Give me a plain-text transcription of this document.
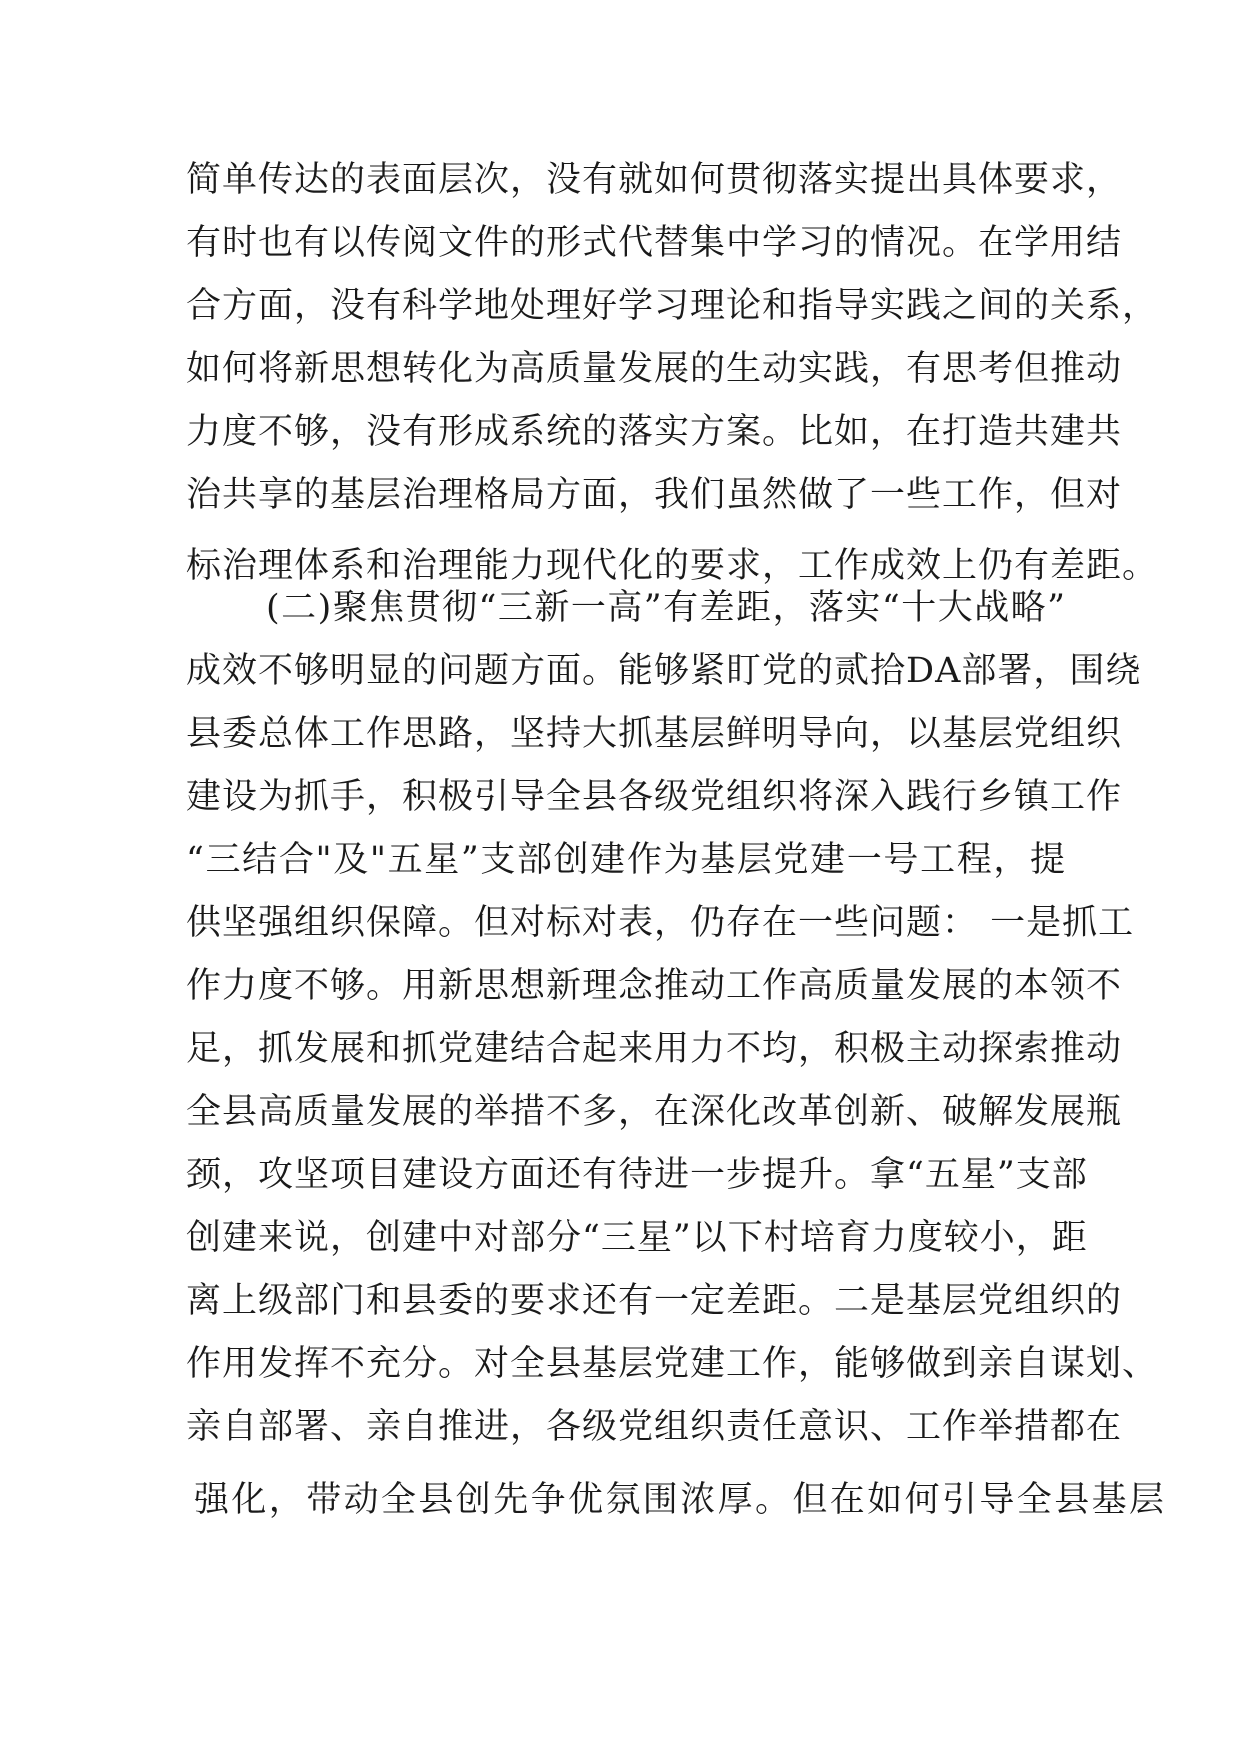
简单传达的表面层次，没有就如何贯彻落实提出具体要求，
有时也有以传阅文件的形式代替集中学习的情况。在学用结
合方面，没有科学地处理好学习理论和指导实践之间的关系，
如何将新思想转化为高质量发展的生动实践，有思考但推动
力度不够，没有形成系统的落实方案。比如，在打造共建共
治共享的基层治理格局方面，我们虽然做了一些工作，但对
标治理体系和治理能力现代化的要求，工作成效上仍有差距。
(二)聚焦贯彻“三新一高”有差距，落实“十大战略”
成效不够明显的问题方面。能够紧盯党的贰拾DA部署，围绕
县委总体工作思路，坚持大抓基层鲜明导向，以基层党组织
建设为抓手，积极引导全县各级党组织将深入践行乡镇工作
“三结合"及"五星”支部创建作为基层党建一号工程，提
供坚强组织保障。但对标对表，仍存在一些问题： 一是抓工
作力度不够。用新思想新理念推动工作高质量发展的本领不
足，抓发展和抓党建结合起来用力不均，积极主动探索推动
全县高质量发展的举措不多，在深化改革创新、破解发展瓶
颈，攻坚项目建设方面还有待进一步提升。拿“五星”支部
创建来说，创建中对部分“三星”以下村培育力度较小，距
离上级部门和县委的要求还有一定差距。二是基层党组织的
作用发挥不充分。对全县基层党建工作，能够做到亲自谋划、
亲自部署、亲自推进，各级党组织责任意识、工作举措都在
强化，带动全县创先争优氛围浓厚。但在如何引导全县基层
